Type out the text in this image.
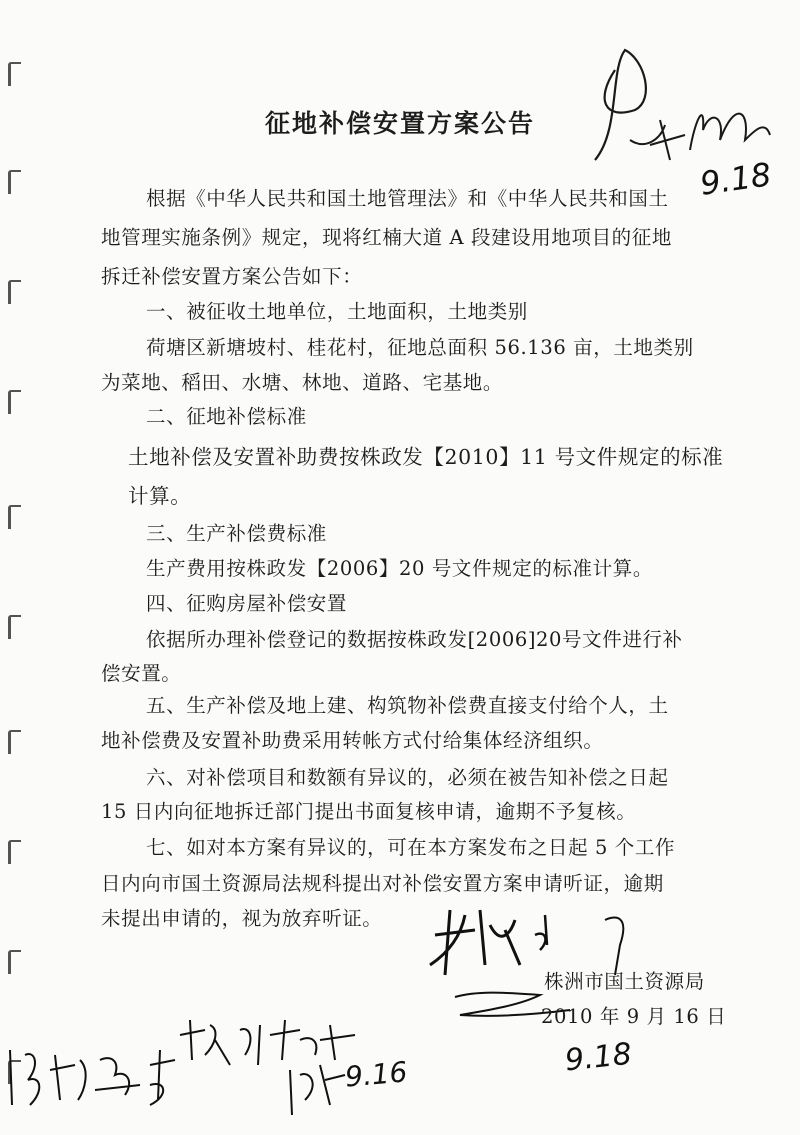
征地补偿安置方案公告
9.18
根据《中华人民共和国土地管理法》和《中华人民共和国土
地管理实施条例》规定，现将红楠大道 A 段建设用地项目的征地
拆迁补偿安置方案公告如下：
一、被征收土地单位，土地面积，土地类别
荷塘区新塘坡村、桂花村，征地总面积 56.136 亩，土地类别
为菜地、稻田、水塘、林地、道路、宅基地。
二、征地补偿标准
土地补偿及安置补助费按株政发【2010】11 号文件规定的标准
计算。
三、生产补偿费标准
生产费用按株政发【2006】20 号文件规定的标准计算。
四、征购房屋补偿安置
依据所办理补偿登记的数据按株政发[2006]20号文件进行补
偿安置。
五、生产补偿及地上建、构筑物补偿费直接支付给个人，土
地补偿费及安置补助费采用转帐方式付给集体经济组织。
六、对补偿项目和数额有异议的，必须在被告知补偿之日起
15 日内向征地拆迁部门提出书面复核申请，逾期不予复核。
七、如对本方案有异议的，可在本方案发布之日起 5 个工作
日内向市国土资源局法规科提出对补偿安置方案申请听证，逾期
未提出申请的，视为放弃听证。
株洲市国土资源局
2010 年 9 月 16 日
9.18
9.16
